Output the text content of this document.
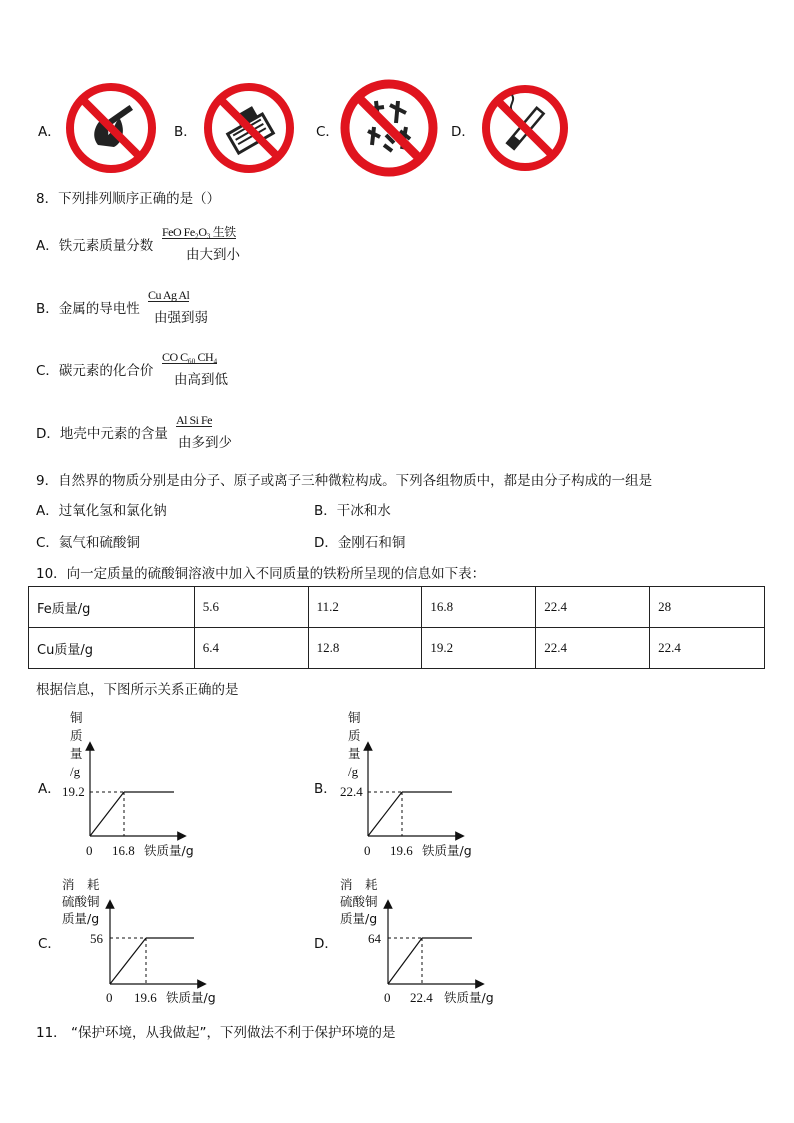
A．	B．	C．	D．
8．下列排列顺序正确的是（）
A．铁元素质量分数
FeO Fe₂O₃ 生铁
由大到小
B．金属的导电性
Cu Ag Al
由强到弱
C．碳元素的化合价
CO C₆₀ CH₄
由高到低
D．地壳中元素的含量
Al Si Fe
由多到少
9．自然界的物质分别是由分子、原子或离子三种微粒构成。下列各组物质中，都是由分子构成的一组是
A．过氧化氢和氯化钠	B．干冰和水
C．氦气和硫酸铜	D．金刚石和铜
10．向一定质量的硫酸铜溶液中加入不同质量的铁粉所呈现的信息如下表：
Fe质量/g	5.6	11.2	16.8	22.4	28
Cu质量/g	6.4	12.8	19.2	22.4	22.4
根据信息，下图所示关系正确的是
A．
铜
质
量
/g
19.2
0 16.8 铁质量/g
B．
铜
质
量
/g
22.4
0 19.6 铁质量/g
C．
消　耗
硫酸铜
质量/g
56
0 19.6 铁质量/g
D．
消　耗
硫酸铜
质量/g
64
0 22.4 铁质量/g
11． “保护环境，从我做起”，下列做法不利于保护环境的是
